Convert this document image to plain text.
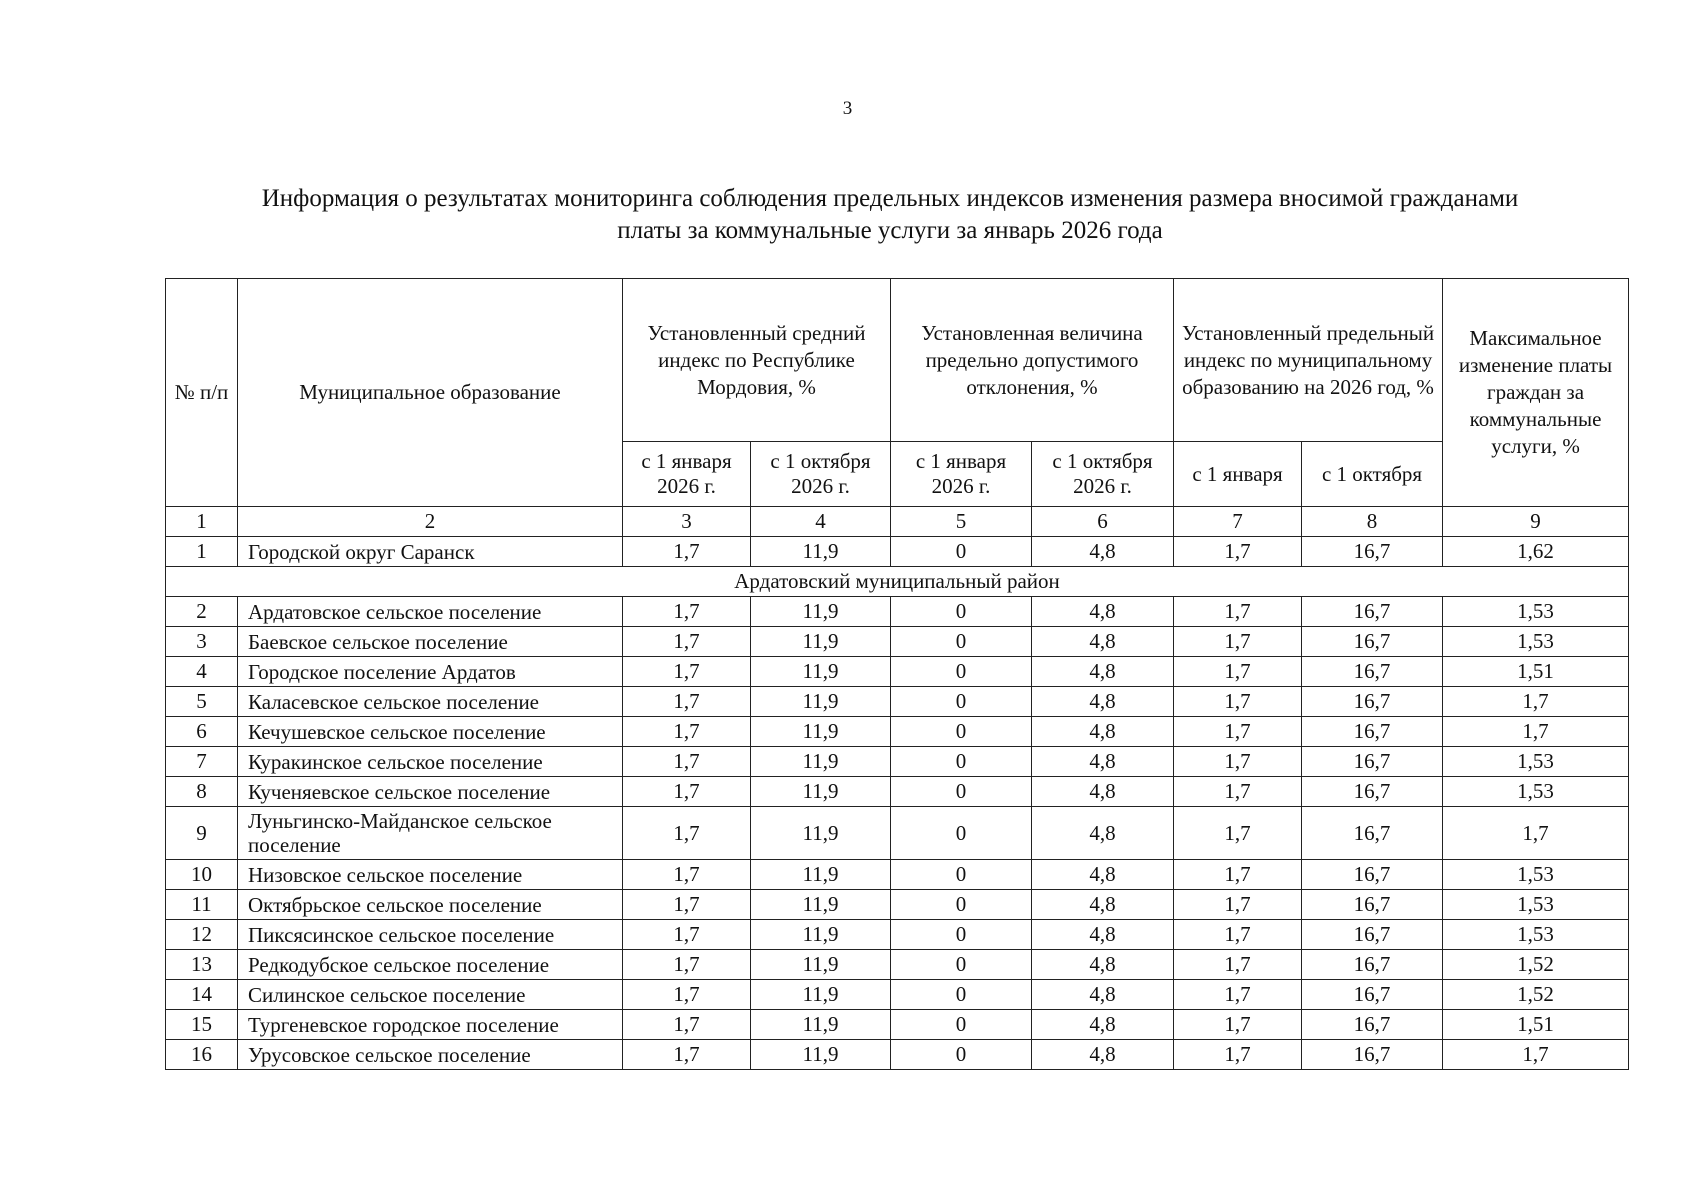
3
Информация о результатах мониторинга соблюдения предельных индексов изменения размера вносимой гражданами
платы за коммунальные услуги за январь 2026 года
№ п/п	Муниципальное образование	Установленный средний индекс по Республике Мордовия, %		Установленная величина предельно допустимого отклонения, %		Установленный предельный индекс по муниципальному образованию на 2026 год, %		Максимальное изменение платы граждан за коммунальные услуги, %
		с 1 января 2026 г.	с 1 октября 2026 г.	с 1 января 2026 г.	с 1 октября 2026 г.	с 1 января	с 1 октября	
1	2	3	4	5	6	7	8	9
1	Городской округ Саранск	1,7	11,9	0	4,8	1,7	16,7	1,62
Ардатовский муниципальный район								
2	Ардатовское сельское поселение	1,7	11,9	0	4,8	1,7	16,7	1,53
3	Баевское сельское поселение	1,7	11,9	0	4,8	1,7	16,7	1,53
4	Городское поселение Ардатов	1,7	11,9	0	4,8	1,7	16,7	1,51
5	Каласевское сельское поселение	1,7	11,9	0	4,8	1,7	16,7	1,7
6	Кечушевское сельское поселение	1,7	11,9	0	4,8	1,7	16,7	1,7
7	Куракинское сельское поселение	1,7	11,9	0	4,8	1,7	16,7	1,53
8	Кученяевское сельское поселение	1,7	11,9	0	4,8	1,7	16,7	1,53
9	Луньгинско-Майданское сельское поселение	1,7	11,9	0	4,8	1,7	16,7	1,7
10	Низовское сельское поселение	1,7	11,9	0	4,8	1,7	16,7	1,53
11	Октябрьское сельское поселение	1,7	11,9	0	4,8	1,7	16,7	1,53
12	Пиксясинское сельское поселение	1,7	11,9	0	4,8	1,7	16,7	1,53
13	Редкодубское сельское поселение	1,7	11,9	0	4,8	1,7	16,7	1,52
14	Силинское сельское поселение	1,7	11,9	0	4,8	1,7	16,7	1,52
15	Тургеневское городское поселение	1,7	11,9	0	4,8	1,7	16,7	1,51
16	Урусовское сельское поселение	1,7	11,9	0	4,8	1,7	16,7	1,7
